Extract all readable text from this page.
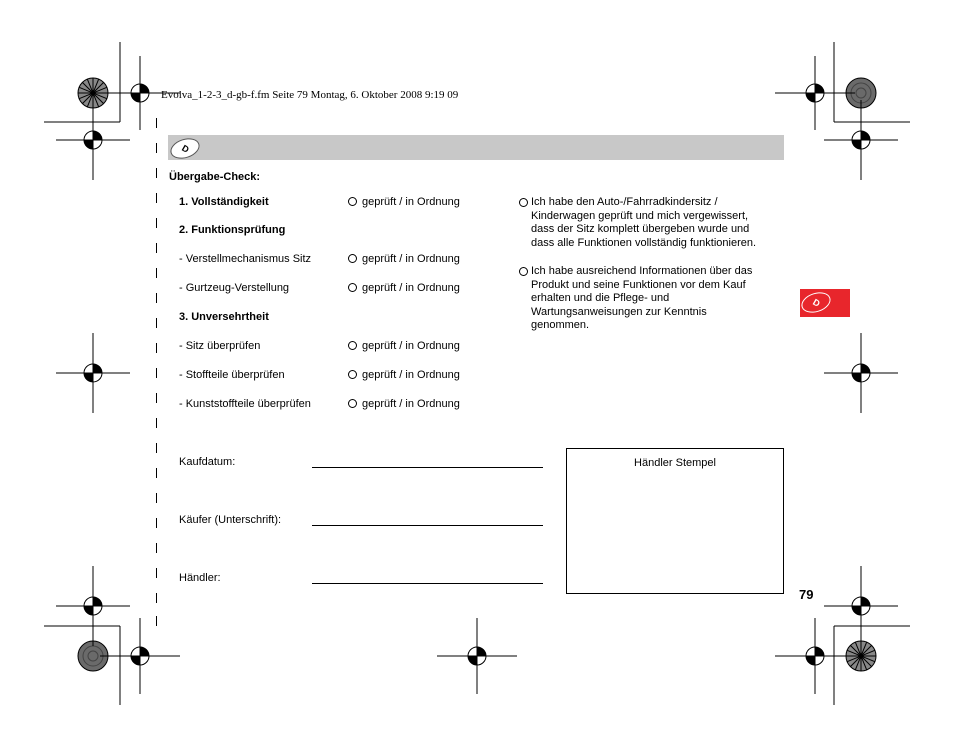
Evolva_1-2-3_d-gb-f.fm Seite 79 Montag, 6. Oktober 2008 9:19 09
D
D
Übergabe-Check:
1. Vollständigkeit	geprüft / in Ordnung
2. Funktionsprüfung
- Verstellmechanismus Sitz	geprüft / in Ordnung
- Gurtzeug-Verstellung	geprüft / in Ordnung
3. Unversehrtheit
- Sitz überprüfen	geprüft / in Ordnung
- Stoffteile überprüfen	geprüft / in Ordnung
- Kunststoffteile überprüfen	geprüft / in Ordnung

Ich habe den Auto-/Fahrradkindersitz /

Kinderwagen geprüft und mich vergewissert,

dass der Sitz komplett übergeben wurde und

dass alle Funktionen vollständig funktionieren.

Ich habe ausreichend Informationen über das

Produkt und seine Funktionen vor dem Kauf

erhalten und die Pflege- und

Wartungsanweisungen zur Kenntnis

genommen.

Kaufdatum:
Käufer (Unterschrift):
Händler:
Händler Stempel
79
